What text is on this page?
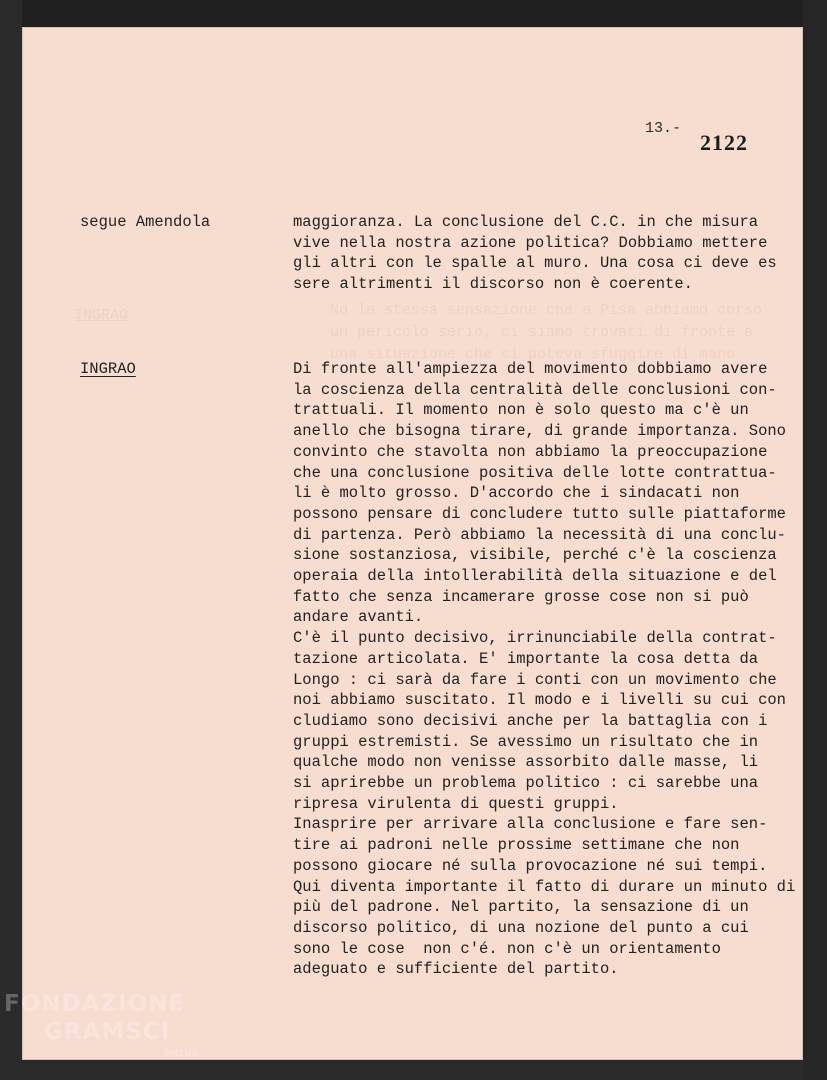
INGRAO	No la stessa sensazione che a Pisa abbiamo corso
un pericolo serio, ci siamo trovati di fronte a
una situazione che ci poteva sfuggire di mano
13.-
2122
segue Amendola	maggioranza. La conclusione del C.C. in che misura
vive nella nostra azione politica? Dobbiamo mettere
gli altri con le spalle al muro. Una cosa ci deve es
sere altrimenti il discorso non è coerente.
INGRAO	Di fronte all'ampiezza del movimento dobbiamo avere
la coscienza della centralità delle conclusioni con-
trattuali. Il momento non è solo questo ma c'è un
anello che bisogna tirare, di grande importanza. Sono
convinto che stavolta non abbiamo la preoccupazione
che una conclusione positiva delle lotte contrattua-
li è molto grosso. D'accordo che i sindacati non
possono pensare di concludere tutto sulle piattaforme
di partenza. Però abbiamo la necessità di una conclu-
sione sostanziosa, visibile, perché c'è la coscienza
operaia della intollerabilità della situazione e del
fatto che senza incamerare grosse cose non si può
andare avanti.
C'è il punto decisivo, irrinunciabile della contrat-
tazione articolata. E' importante la cosa detta da
Longo : ci sarà da fare i conti con un movimento che
noi abbiamo suscitato. Il modo e i livelli su cui con
cludiamo sono decisivi anche per la battaglia con i
gruppi estremisti. Se avessimo un risultato che in
qualche modo non venisse assorbito dalle masse, li
si aprirebbe un problema politico : ci sarebbe una
ripresa virulenta di questi gruppi.
Inasprire per arrivare alla conclusione e fare sen-
tire ai padroni nelle prossime settimane che non
possono giocare né sulla provocazione né sui tempi.
Qui diventa importante il fatto di durare un minuto di
più del padrone. Nel partito, la sensazione di un
discorso politico, di una nozione del punto a cui
sono le cose  non c'é. non c'è un orientamento
adeguato e sufficiente del partito.
FONDAZIONE
GRAMSCI
ONLUS
